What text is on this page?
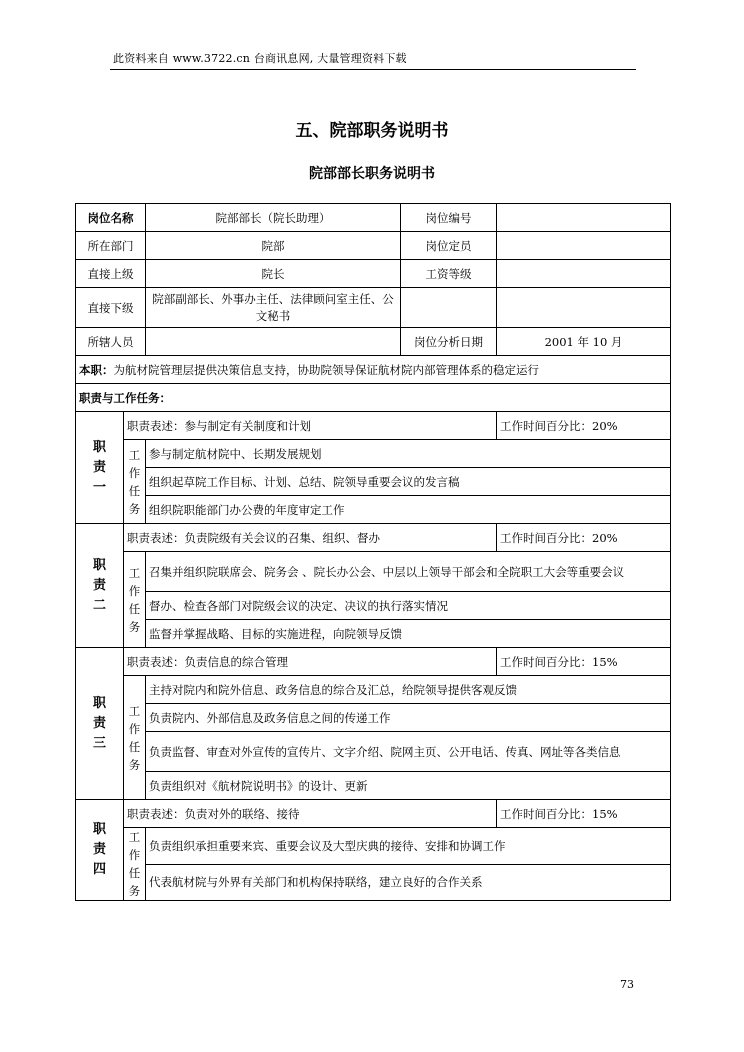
此资料来自 www.3722.cn 台商讯息网, 大量管理资料下载
五、院部职务说明书
院部部长职务说明书
岗位名称		院部部长（院长助理）	岗位编号	
所在部门		院部	岗位定员	
直接上级		院长	工资等级	
直接下级		院部副部长、外事办主任、法律顾问室主任、公文秘书		
所辖人员			岗位分析日期	2001 年 10 月
本职：为航材院管理层提供决策信息支持，协助院领导保证航材院内部管理体系的稳定运行				
职责与工作任务：				
职
责
一	职责表述：参与制定有关制度和计划			工作时间百分比：20%
	工作
任务	参与制定航材院中、长期发展规划		
		组织起草院工作目标、计划、总结、院领导重要会议的发言稿		
		组织院职能部门办公费的年度审定工作		
职
责
二	职责表述：负责院级有关会议的召集、组织、督办			工作时间百分比：20%
	工作
任务	召集并组织院联席会、院务会 、院长办公会、中层以上领导干部会和全院职工大会等重要会议		
		督办、检查各部门对院级会议的决定、决议的执行落实情况		
		监督并掌握战略、目标的实施进程，向院领导反馈		
职
责
三	职责表述：负责信息的综合管理			工作时间百分比：15%
	工作
任务	主持对院内和院外信息、政务信息的综合及汇总，给院领导提供客观反馈		
		负责院内、外部信息及政务信息之间的传递工作		
		负责监督、审查对外宣传的宣传片、文字介绍、院网主页、公开电话、传真、网址等各类信息		
		负责组织对《航材院说明书》的设计、更新		
职
责
四	职责表述：负责对外的联络、接待			工作时间百分比：15%
	工作
任务	负责组织承担重要来宾、重要会议及大型庆典的接待、安排和协调工作		
		代表航材院与外界有关部门和机构保持联络，建立良好的合作关系		
73
